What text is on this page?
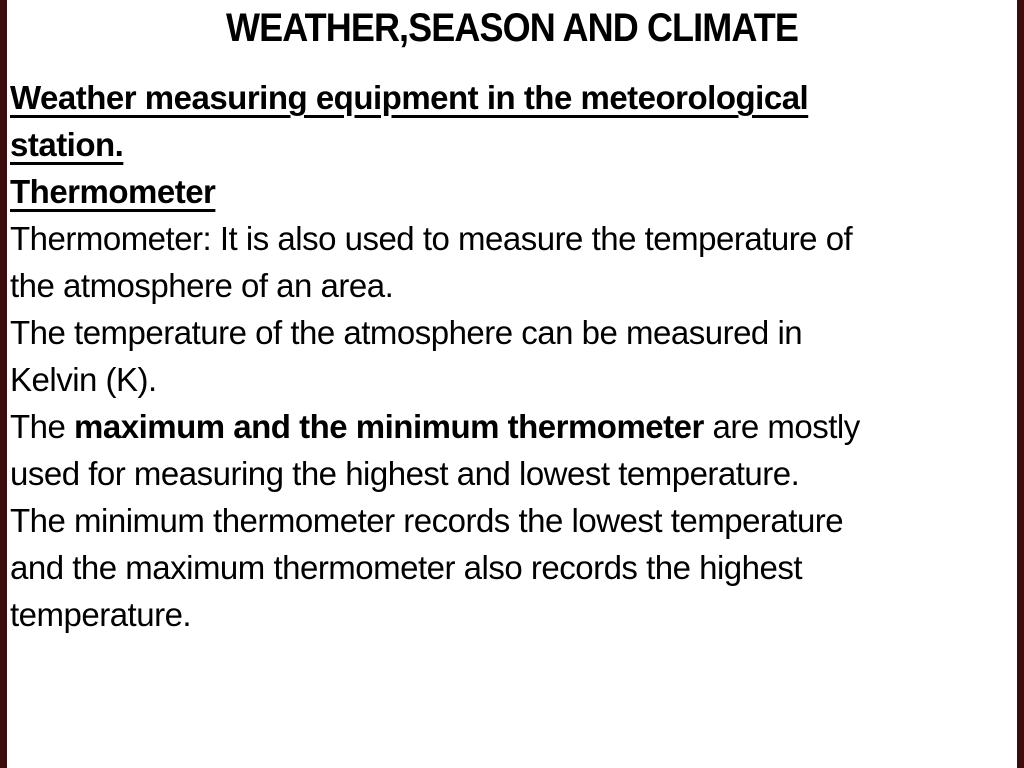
WEATHER,SEASON AND CLIMATE
Weather measuring equipment in the meteorological
station.
Thermometer
Thermometer: It is also used to measure the temperature of
the atmosphere of an area.
The temperature of the atmosphere can be measured in
Kelvin (K).
The maximum and the minimum thermometer are mostly
used for measuring the highest and lowest temperature.
The minimum thermometer records the lowest temperature
and the maximum thermometer also records the highest
temperature.
